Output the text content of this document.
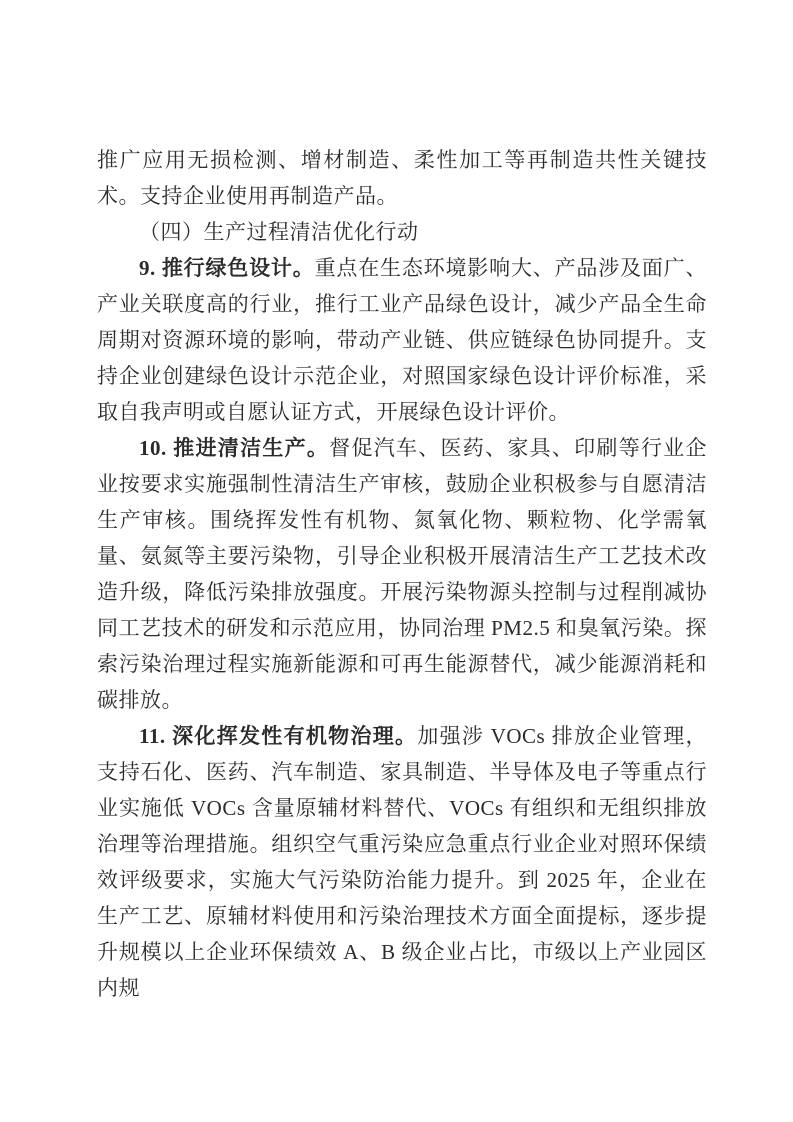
推广应用无损检测、增材制造、柔性加工等再制造共性关键技术。支持企业使用再制造产品。

（四）生产过程清洁优化行动

9. 推行绿色设计。重点在生态环境影响大、产品涉及面广、产业关联度高的行业，推行工业产品绿色设计，减少产品全生命周期对资源环境的影响，带动产业链、供应链绿色协同提升。支持企业创建绿色设计示范企业，对照国家绿色设计评价标准，采取自我声明或自愿认证方式，开展绿色设计评价。

10. 推进清洁生产。督促汽车、医药、家具、印刷等行业企业按要求实施强制性清洁生产审核，鼓励企业积极参与自愿清洁生产审核。围绕挥发性有机物、氮氧化物、颗粒物、化学需氧量、氨氮等主要污染物，引导企业积极开展清洁生产工艺技术改造升级，降低污染排放强度。开展污染物源头控制与过程削减协同工艺技术的研发和示范应用，协同治理 PM2.5 和臭氧污染。探索污染治理过程实施新能源和可再生能源替代，减少能源消耗和碳排放。

11. 深化挥发性有机物治理。加强涉 VOCs 排放企业管理，支持石化、医药、汽车制造、家具制造、半导体及电子等重点行业实施低 VOCs 含量原辅材料替代、VOCs 有组织和无组织排放治理等治理措施。组织空气重污染应急重点行业企业对照环保绩效评级要求，实施大气污染防治能力提升。到 2025 年，企业在生产工艺、原辅材料使用和污染治理技术方面全面提标，逐步提升规模以上企业环保绩效 A、B 级企业占比，市级以上产业园区内规
